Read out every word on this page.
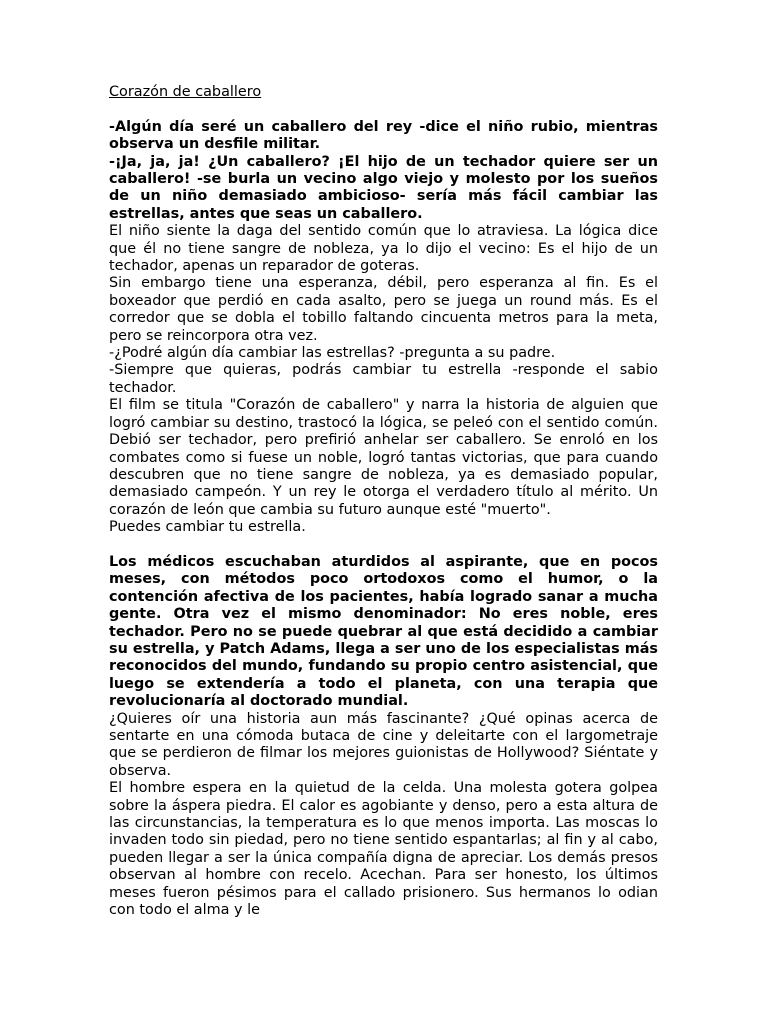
Corazón de caballero

-Algún día seré un caballero del rey -dice el niño rubio, mientras observa un desfile militar.

-¡Ja, ja, ja! ¿Un caballero? ¡El hijo de un techador quiere ser un caballero! -se burla un vecino algo viejo y molesto por los sueños de un niño demasiado ambicioso- sería más fácil cambiar las estrellas, antes que seas un caballero.

El niño siente la daga del sentido común que lo atraviesa. La lógica dice que él no tiene sangre de nobleza, ya lo dijo el vecino: Es el hijo de un techador, apenas un reparador de goteras.

Sin embargo tiene una esperanza, débil, pero esperanza al fin. Es el boxeador que perdió en cada asalto, pero se juega un round más. Es el corredor que se dobla el tobillo faltando cincuenta metros para la meta, pero se reincorpora otra vez.

-¿Podré algún día cambiar las estrellas? -pregunta a su padre.

-Siempre que quieras, podrás cambiar tu estrella -responde el sabio techador.

El film se titula "Corazón de caballero" y narra la historia de alguien que logró cambiar su destino, trastocó la lógica, se peleó con el sentido común. Debió ser techador, pero prefirió anhelar ser caballero. Se enroló en los combates como si fuese un noble, logró tantas victorias, que para cuando descubren que no tiene sangre de nobleza, ya es demasiado popular, demasiado campeón. Y un rey le otorga el verdadero título al mérito. Un corazón de león que cambia su futuro aunque esté "muerto".

Puedes cambiar tu estrella.

Los médicos escuchaban aturdidos al aspirante, que en pocos meses, con métodos poco ortodoxos como el humor, o la contención afectiva de los pacientes, había logrado sanar a mucha gente. Otra vez el mismo denominador: No eres noble, eres techador. Pero no se puede quebrar al que está decidido a cambiar su estrella, y Patch Adams, llega a ser uno de los especialistas más reconocidos del mundo, fundando su propio centro asistencial, que luego se extendería a todo el planeta, con una terapia que revolucionaría al doctorado mundial.

¿Quieres oír una historia aun más fascinante? ¿Qué opinas acerca de sentarte en una cómoda butaca de cine y deleitarte con el largometraje que se perdieron de filmar los mejores guionistas de Hollywood? Siéntate y observa.

El hombre espera en la quietud de la celda. Una molesta gotera golpea sobre la áspera piedra. El calor es agobiante y denso, pero a esta altura de las circunstancias, la temperatura es lo que menos importa. Las moscas lo invaden todo sin piedad, pero no tiene sentido espantarlas; al fin y al cabo, pueden llegar a ser la única compañía digna de apreciar. Los demás presos observan al hombre con recelo. Acechan. Para ser honesto, los últimos meses fueron pésimos para el callado prisionero. Sus hermanos lo odian con todo el alma y le
